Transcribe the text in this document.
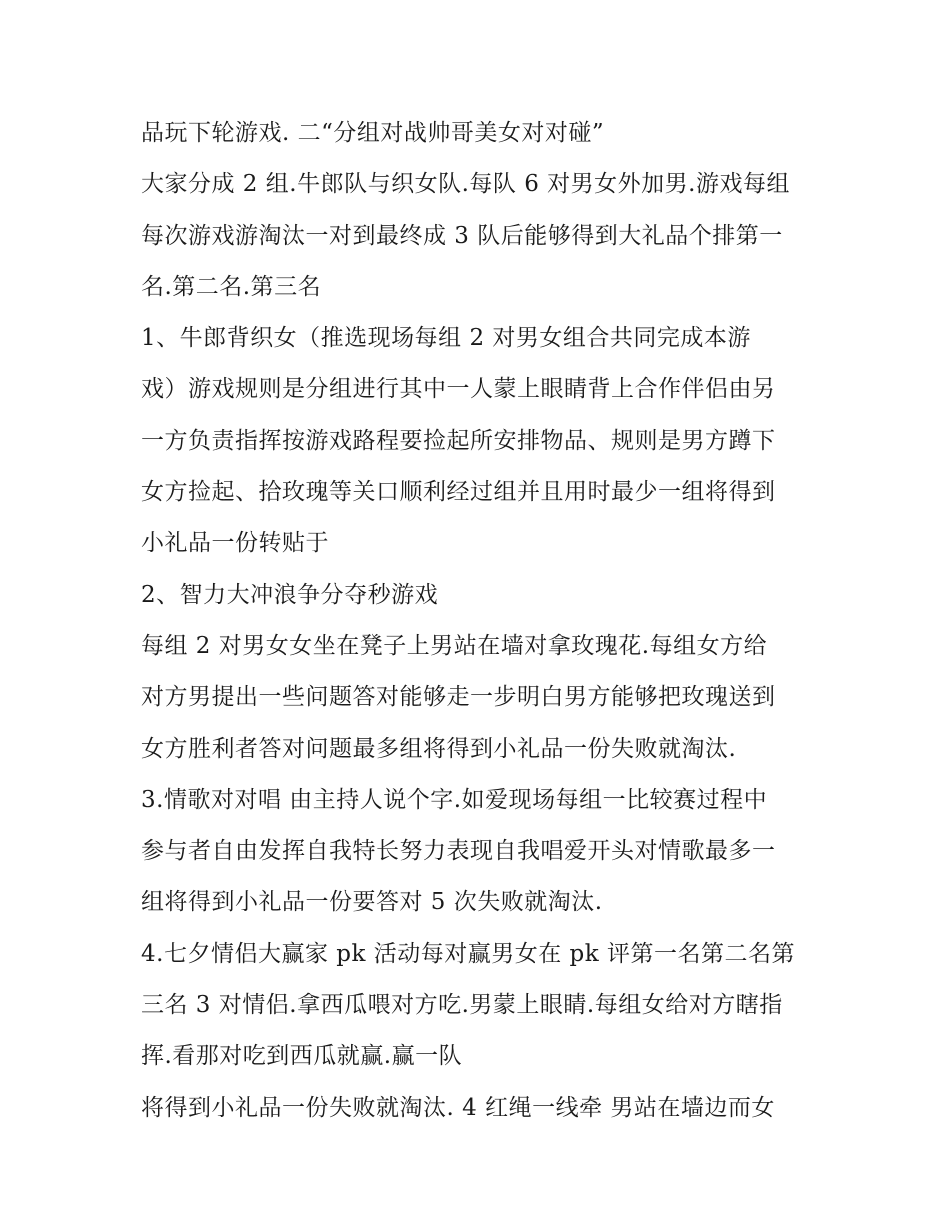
品玩下轮游戏. 二“分组对战帅哥美女对对碰”
大家分成 2 组.牛郎队与织女队.每队 6 对男女外加男.游戏每组
每次游戏游淘汰一对到最终成 3 队后能够得到大礼品个排第一
名.第二名.第三名
1、牛郎背织女（推选现场每组 2 对男女组合共同完成本游
戏）游戏规则是分组进行其中一人蒙上眼睛背上合作伴侣由另
一方负责指挥按游戏路程要捡起所安排物品、规则是男方蹲下
女方捡起、拾玫瑰等关口顺利经过组并且用时最少一组将得到
小礼品一份转贴于
2、智力大冲浪争分夺秒游戏
每组 2 对男女女坐在凳子上男站在墙对拿玫瑰花.每组女方给
对方男提出一些问题答对能够走一步明白男方能够把玫瑰送到
女方胜利者答对问题最多组将得到小礼品一份失败就淘汰.
3.情歌对对唱 由主持人说个字.如爱现场每组一比较赛过程中
参与者自由发挥自我特长努力表现自我唱爱开头对情歌最多一
组将得到小礼品一份要答对 5 次失败就淘汰.
4.七夕情侣大赢家 pk 活动每对赢男女在 pk 评第一名第二名第
三名 3 对情侣.拿西瓜喂对方吃.男蒙上眼睛.每组女给对方瞎指
挥.看那对吃到西瓜就赢.赢一队
将得到小礼品一份失败就淘汰. 4 红绳一线牵 男站在墙边而女
